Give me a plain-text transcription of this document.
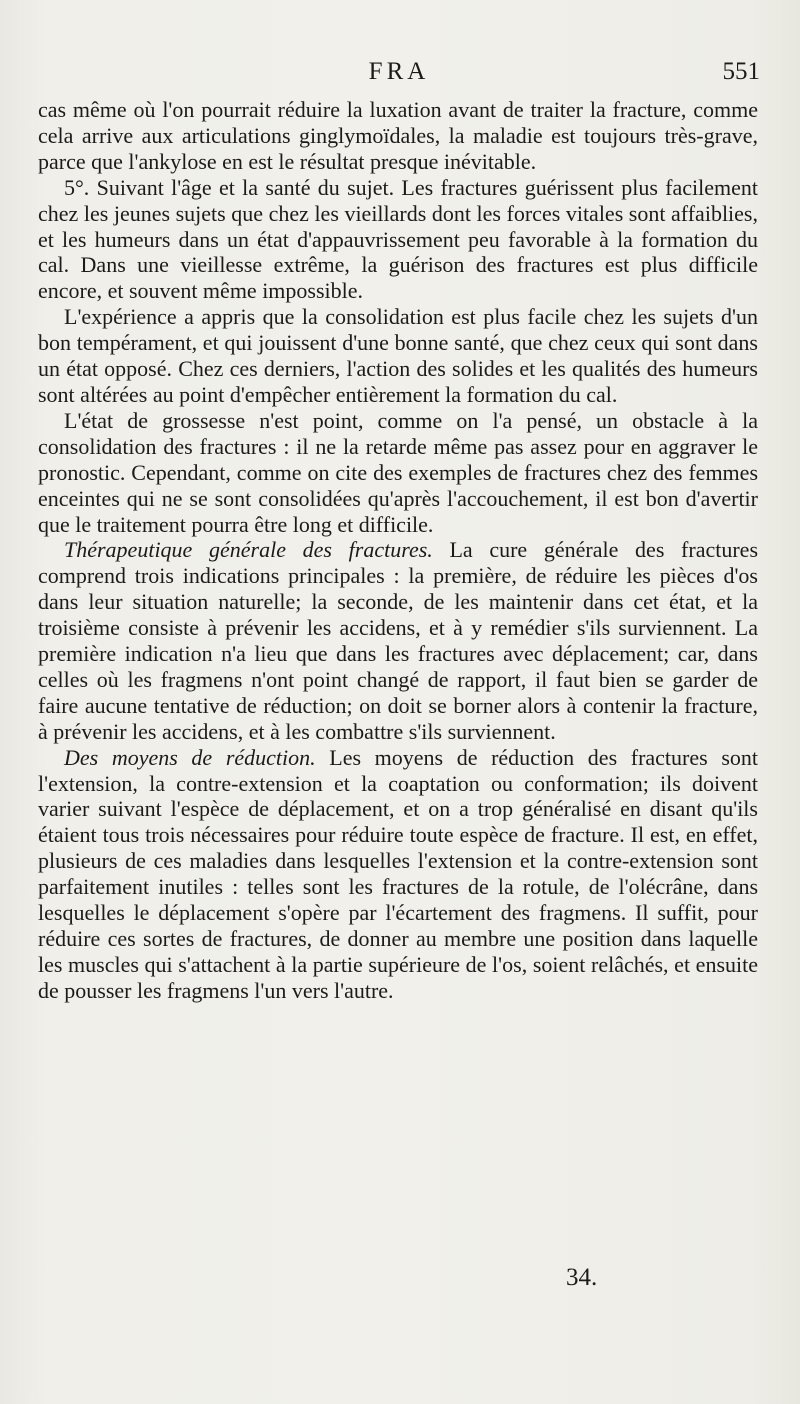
FRA	551

cas même où l'on pourrait réduire la luxation avant de traiter la fracture, comme cela arrive aux articulations ginglymoïdales, la maladie est toujours très-grave, parce que l'ankylose en est le résultat presque inévitable.

5°. Suivant l'âge et la santé du sujet. Les fractures guérissent plus facilement chez les jeunes sujets que chez les vieillards dont les forces vitales sont affaiblies, et les humeurs dans un état d'appauvrissement peu favorable à la formation du cal. Dans une vieillesse extrême, la guérison des fractures est plus difficile encore, et souvent même impossible.

L'expérience a appris que la consolidation est plus facile chez les sujets d'un bon tempérament, et qui jouissent d'une bonne santé, que chez ceux qui sont dans un état opposé. Chez ces derniers, l'action des solides et les qualités des humeurs sont altérées au point d'empêcher entièrement la formation du cal.

L'état de grossesse n'est point, comme on l'a pensé, un obstacle à la consolidation des fractures : il ne la retarde même pas assez pour en aggraver le pronostic. Cependant, comme on cite des exemples de fractures chez des femmes enceintes qui ne se sont consolidées qu'après l'accouchement, il est bon d'avertir que le traitement pourra être long et difficile.

Thérapeutique générale des fractures. La cure générale des fractures comprend trois indications principales : la première, de réduire les pièces d'os dans leur situation naturelle; la seconde, de les maintenir dans cet état, et la troisième consiste à prévenir les accidens, et à y remédier s'ils surviennent. La première indication n'a lieu que dans les fractures avec déplacement; car, dans celles où les fragmens n'ont point changé de rapport, il faut bien se garder de faire aucune tentative de réduction; on doit se borner alors à contenir la fracture, à prévenir les accidens, et à les combattre s'ils surviennent.

Des moyens de réduction. Les moyens de réduction des fractures sont l'extension, la contre-extension et la coaptation ou conformation; ils doivent varier suivant l'espèce de déplacement, et on a trop généralisé en disant qu'ils étaient tous trois nécessaires pour réduire toute espèce de fracture. Il est, en effet, plusieurs de ces maladies dans lesquelles l'extension et la contre-extension sont parfaitement inutiles : telles sont les fractures de la rotule, de l'olécrâne, dans lesquelles le déplacement s'opère par l'écartement des fragmens. Il suffit, pour réduire ces sortes de fractures, de donner au membre une position dans laquelle les muscles qui s'attachent à la partie supérieure de l'os, soient relâchés, et ensuite de pousser les fragmens l'un vers l'autre.

34.
